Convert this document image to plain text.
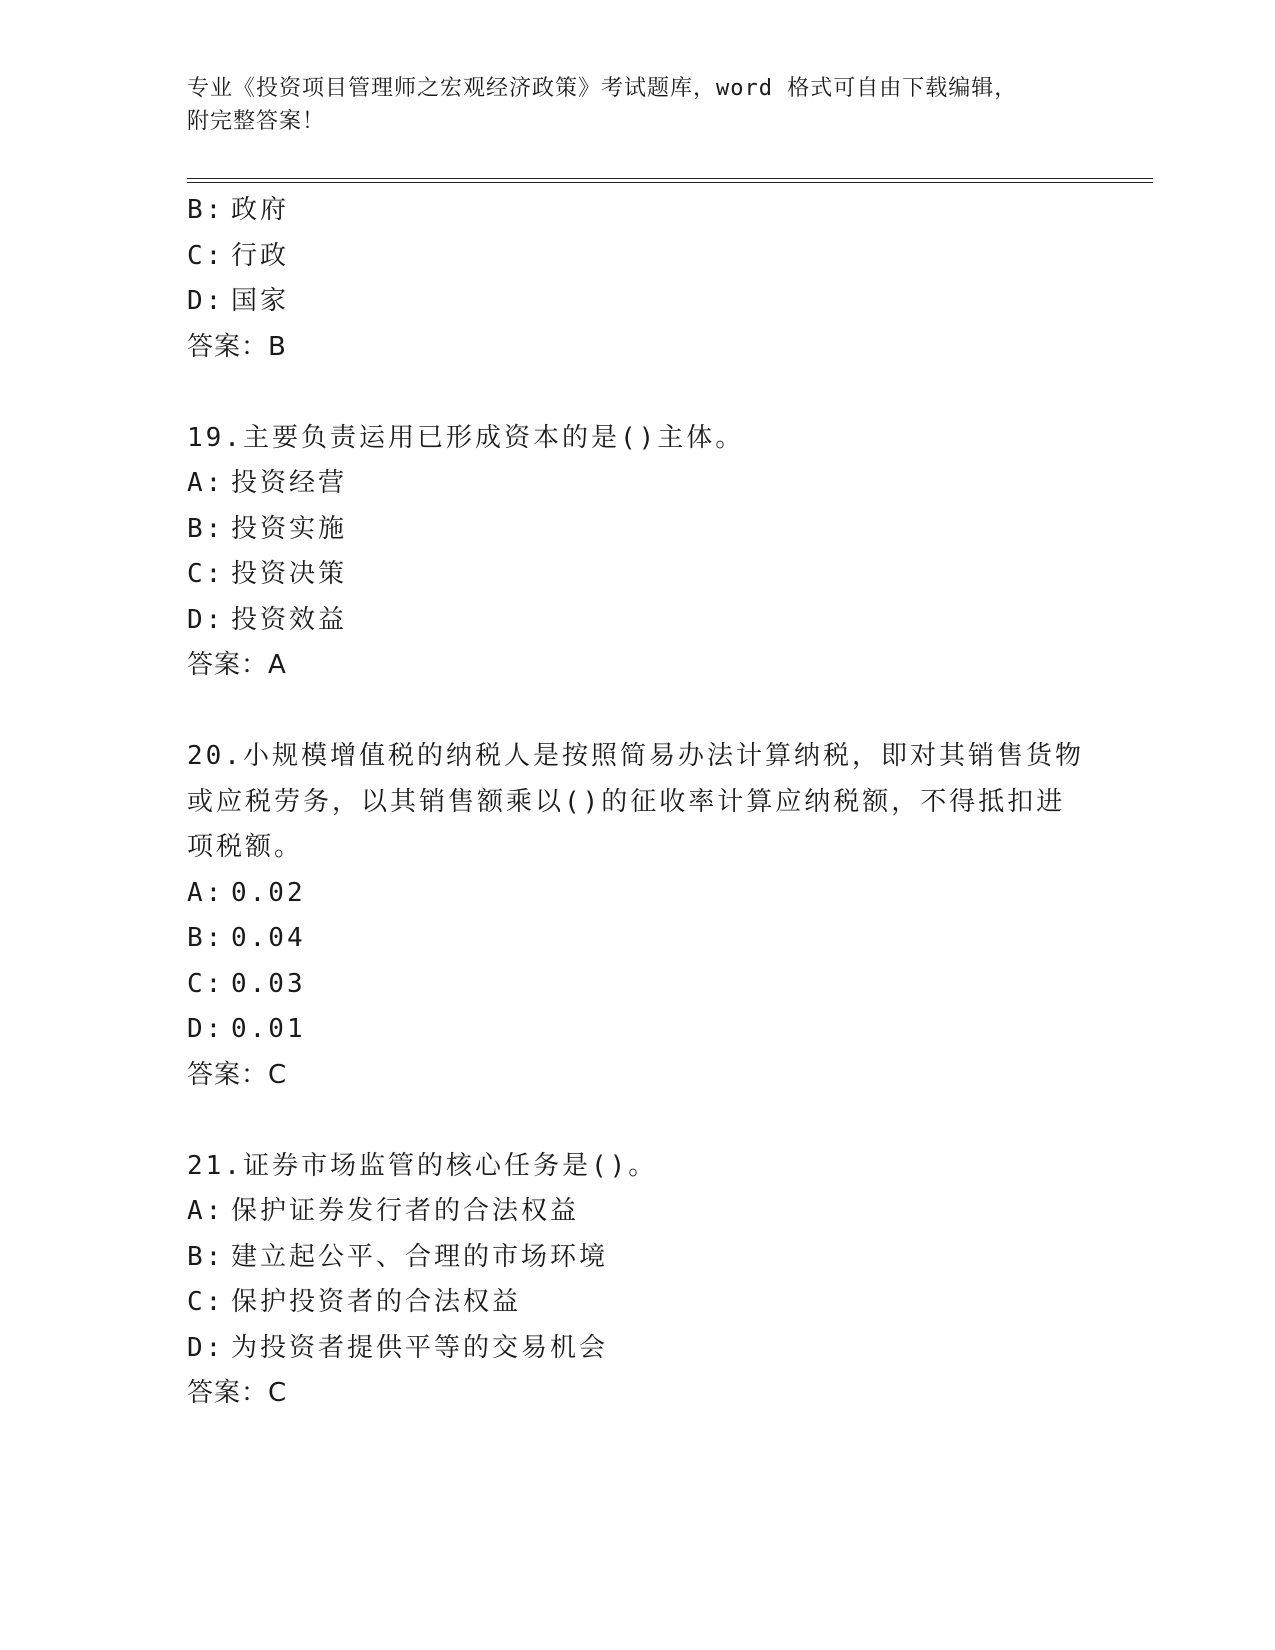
专业《投资项目管理师之宏观经济政策》考试题库，word 格式可自由下载编辑，
附完整答案！
B: 政府
C: 行政
D: 国家
答案：B
19.主要负责运用已形成资本的是()主体。
A: 投资经营
B: 投资实施
C: 投资决策
D: 投资效益
答案：A
20.小规模增值税的纳税人是按照简易办法计算纳税，即对其销售货物
或应税劳务，以其销售额乘以()的征收率计算应纳税额，不得抵扣进
项税额。
A: 0.02
B: 0.04
C: 0.03
D: 0.01
答案：C
21.证券市场监管的核心任务是()。
A: 保护证券发行者的合法权益
B: 建立起公平、合理的市场环境
C: 保护投资者的合法权益
D: 为投资者提供平等的交易机会
答案：C
